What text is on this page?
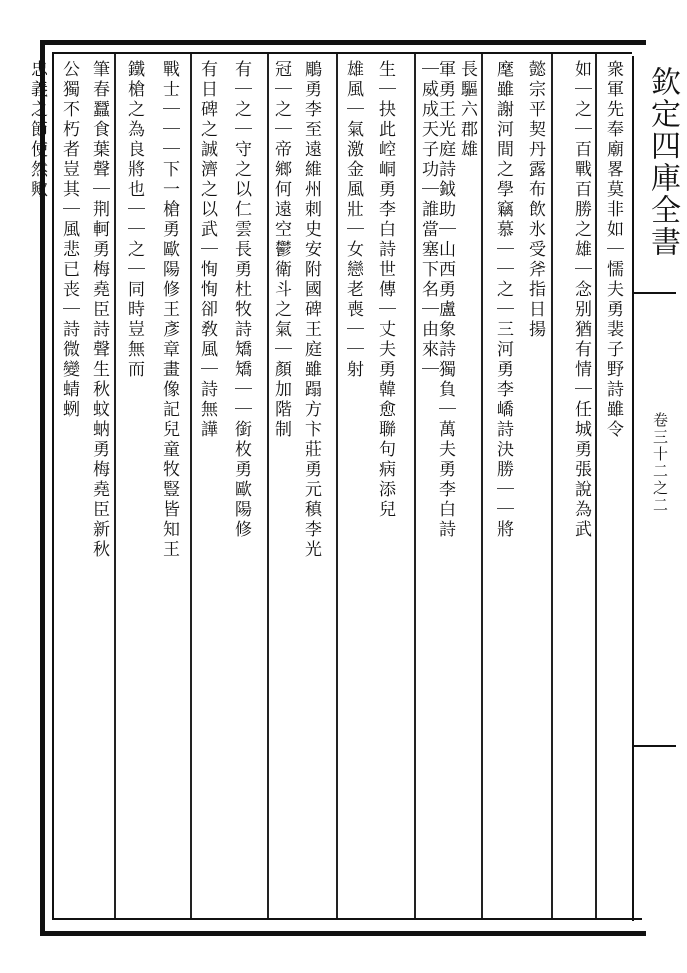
欽定四庫全書
卷三十二之二
衆軍先奉廟畧莫非如｜懦夫勇裴子野詩雖令
如｜之｜百戰百勝之雄｜念别猶有情｜任城勇張說為武
懿宗平契丹露布飲氷受斧指日揚
麾雖謝河間之學竊慕｜｜之｜三河勇李嶠詩決勝｜｜將
長驅六郡雄
軍勇王光庭詩鉞助｜山西勇盧象詩獨負｜萬夫勇李白詩
｜威成天子功｜誰當塞下名｜由來｜
生｜抉此崆峒勇李白詩世傳｜丈夫勇韓愈聯句病添兒
雄風｜氣激金風壯｜女戀老喪｜｜射
鵰勇李至遠維州刺史安附國碑王庭雖蹋方卞莊勇元稹李光
冠｜之｜帝鄉何遠空鬱衛斗之氣｜顏加階制
有｜之｜守之以仁雲長勇杜牧詩矯矯｜｜銜枚勇歐陽修
有日碑之誠濟之以武｜恂恂卻敎風｜詩無譁
戰士｜｜｜下一槍勇歐陽修王彥章畫像記兒童牧豎皆知王
鐵槍之為良將也｜｜之｜同時豈無而
筆春蠶食葉聲｜荆軻勇梅堯臣詩聲生秋蚊蚋勇梅堯臣新秋
公獨不朽者豈其｜風悲已丧｜詩微變蜻蛚
忠義之節使然歟
